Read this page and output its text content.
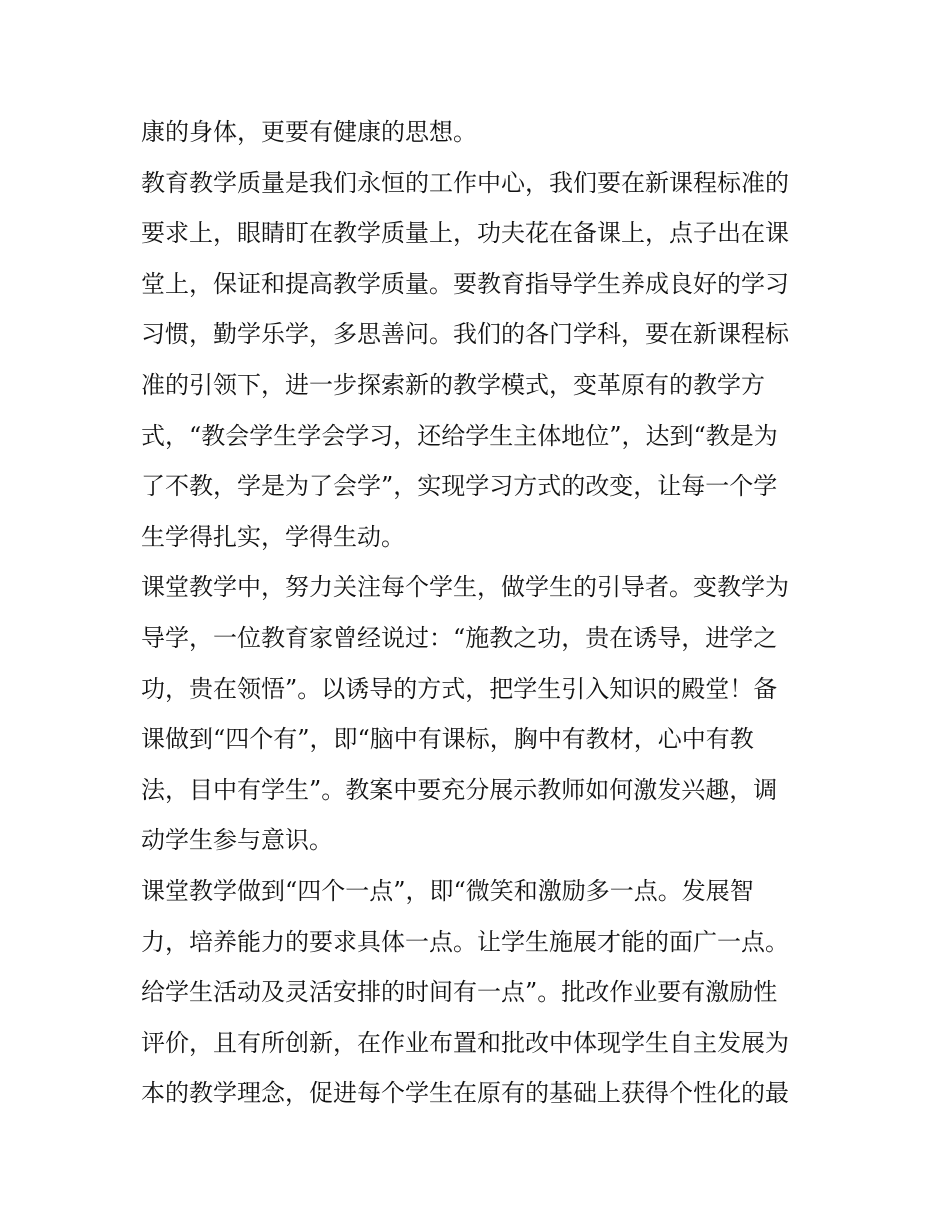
康的身体，更要有健康的思想。
教育教学质量是我们永恒的工作中心，我们要在新课程标准的
要求上，眼睛盯在教学质量上，功夫花在备课上，点子出在课
堂上，保证和提高教学质量。要教育指导学生养成良好的学习
习惯，勤学乐学，多思善问。我们的各门学科，要在新课程标
准的引领下，进一步探索新的教学模式，变革原有的教学方
式，“教会学生学会学习，还给学生主体地位”，达到“教是为
了不教，学是为了会学”，实现学习方式的改变，让每一个学
生学得扎实，学得生动。
课堂教学中，努力关注每个学生，做学生的引导者。变教学为
导学，一位教育家曾经说过：“施教之功，贵在诱导，进学之
功，贵在领悟”。以诱导的方式，把学生引入知识的殿堂！备
课做到“四个有”，即“脑中有课标，胸中有教材，心中有教
法，目中有学生”。教案中要充分展示教师如何激发兴趣，调
动学生参与意识。
课堂教学做到“四个一点”，即“微笑和激励多一点。发展智
力，培养能力的要求具体一点。让学生施展才能的面广一点。
给学生活动及灵活安排的时间有一点”。批改作业要有激励性
评价，且有所创新，在作业布置和批改中体现学生自主发展为
本的教学理念，促进每个学生在原有的基础上获得个性化的最
